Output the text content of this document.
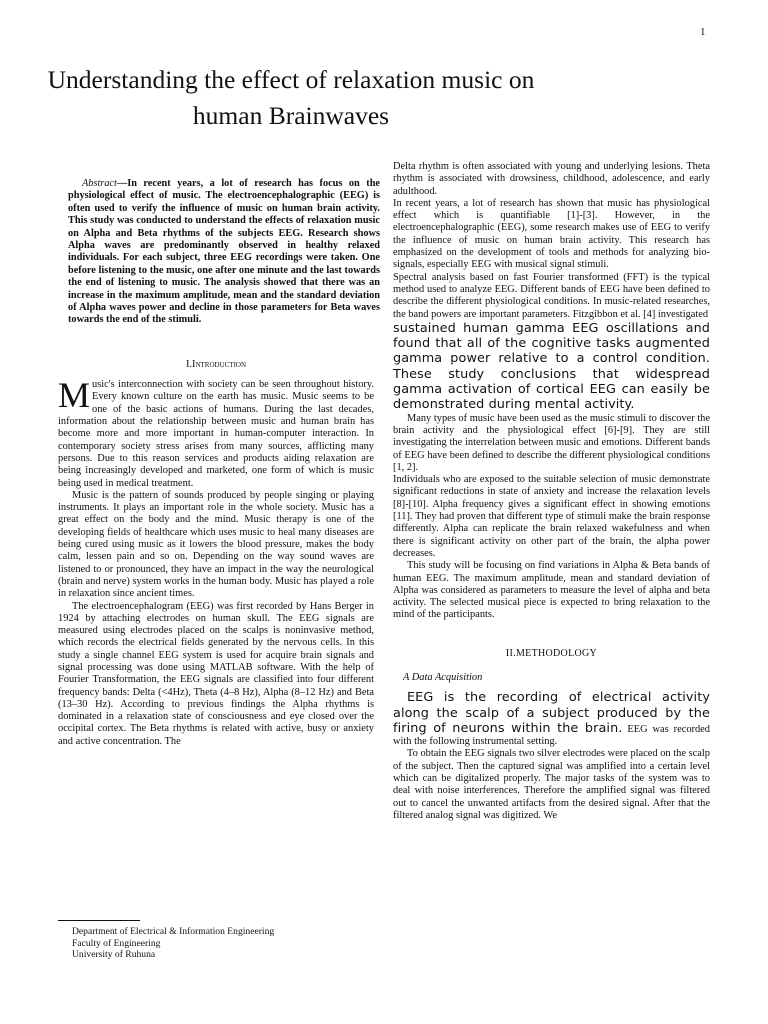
1
Understanding the effect of relaxation music on
human Brainwaves

Abstract—In recent years, a lot of research has focus on the physiological effect of music. The electroencephalographic (EEG) is often used to verify the influence of music on human brain activity. This study was conducted to understand the effects of relaxation music on Alpha and Beta rhythms of the subjects EEG. Research shows Alpha waves are predominantly observed in healthy relaxed individuals. For each subject, three EEG recordings were taken. One before listening to the music, one after one minute and the last towards the end of listening to music. The analysis showed that there was an increase in the maximum amplitude, mean and the standard deviation of Alpha waves power and decline in those parameters for Beta waves towards the end of the stimuli.

I.Introduction

Music's interconnection with society can be seen throughout history. Every known culture on the earth has music. Music seems to be one of the basic actions of humans. During the last decades, information about the relationship between music and human brain has become more and more important in human-computer interaction. In contemporary society stress arises from many sources, afflicting many persons. Due to this reason services and products aiding relaxation are being increasingly developed and marketed, one form of which is music being used in medical treatment.

Music is the pattern of sounds produced by people singing or playing instruments. It plays an important role in the whole society. Music has a great effect on the body and the mind. Music therapy is one of the developing fields of healthcare which uses music to heal many diseases are being cured using music as it lowers the blood pressure, makes the body calm, lessen pain and so on. Depending on the way sound waves are listened to or pronounced, they have an impact in the way the neurological (brain and nerve) system works in the human body. Music has played a role in relaxation since ancient times.

The electroencephalogram (EEG) was first recorded by Hans Berger in 1924 by attaching electrodes on human skull. The EEG signals are measured using electrodes placed on the scalps is noninvasive method, which records the electrical fields generated by the nervous cells. In this study a single channel EEG system is used for acquire brain signals and signal processing was done using MATLAB software. With the help of Fourier Transformation, the EEG signals are classified into four different frequency bands: Delta (<4Hz), Theta (4–8 Hz), Alpha (8–12 Hz) and Beta (13–30 Hz). According to previous findings the Alpha rhythms is dominated in a relaxation state of consciousness and eye closed over the occipital cortex. The Beta rhythms is related with active, busy or anxiety and active concentration. The

Department of Electrical & Information Engineering
Faculty of Engineering
University of Ruhuna

Delta rhythm is often associated with young and underlying lesions. Theta rhythm is associated with drowsiness, childhood, adolescence, and early adulthood.

In recent years, a lot of research has shown that music has physiological effect which is quantifiable [1]-[3]. However, in the electroencephalographic (EEG), some research makes use of EEG to verify the influence of music on human brain activity. This research has emphasized on the development of tools and methods for analyzing bio-signals, especially EEG with musical signal stimuli.

Spectral analysis based on fast Fourier transformed (FFT) is the typical method used to analyze EEG. Different bands of EEG have been defined to describe the different physiological conditions. In music-related researches, the band powers are important parameters. Fitzgibbon et al. [4] investigated
sustained human gamma EEG oscillations and found that all of the cognitive tasks augmented gamma power relative to a control condition. These study conclusions that widespread gamma activation of cortical EEG can easily be demonstrated during mental activity.

Many types of music have been used as the music stimuli to discover the brain activity and the physiological effect [6]-[9]. They are still investigating the interrelation between music and emotions. Different bands of EEG have been defined to describe the different physiological conditions [1, 2].

Individuals who are exposed to the suitable selection of music demonstrate significant reductions in state of anxiety and increase the relaxation levels [8]-[10]. Alpha frequency gives a significant effect in showing emotions [11]. They had proven that different type of stimuli make the brain response differently. Alpha can replicate the brain relaxed wakefulness and when there is significant activity on other part of the brain, the alpha power decreases.

This study will be focusing on find variations in Alpha & Beta bands of human EEG. The maximum amplitude, mean and standard deviation of Alpha was considered as parameters to measure the level of alpha and beta activity. The selected musical piece is expected to bring relaxation to the mind of the participants.

II.METHODOLOGY
A Data Acquisition

EEG is the recording of electrical activity along the scalp of a subject produced by the firing of neurons within the brain. EEG was recorded with the following instrumental setting.

To obtain the EEG signals two silver electrodes were placed on the scalp of the subject. Then the captured signal was amplified into a certain level which can be digitalized properly. The major tasks of the system was to deal with noise interferences. Therefore the amplified signal was filtered out to cancel the unwanted artifacts from the desired signal. After that the filtered analog signal was digitized. We
